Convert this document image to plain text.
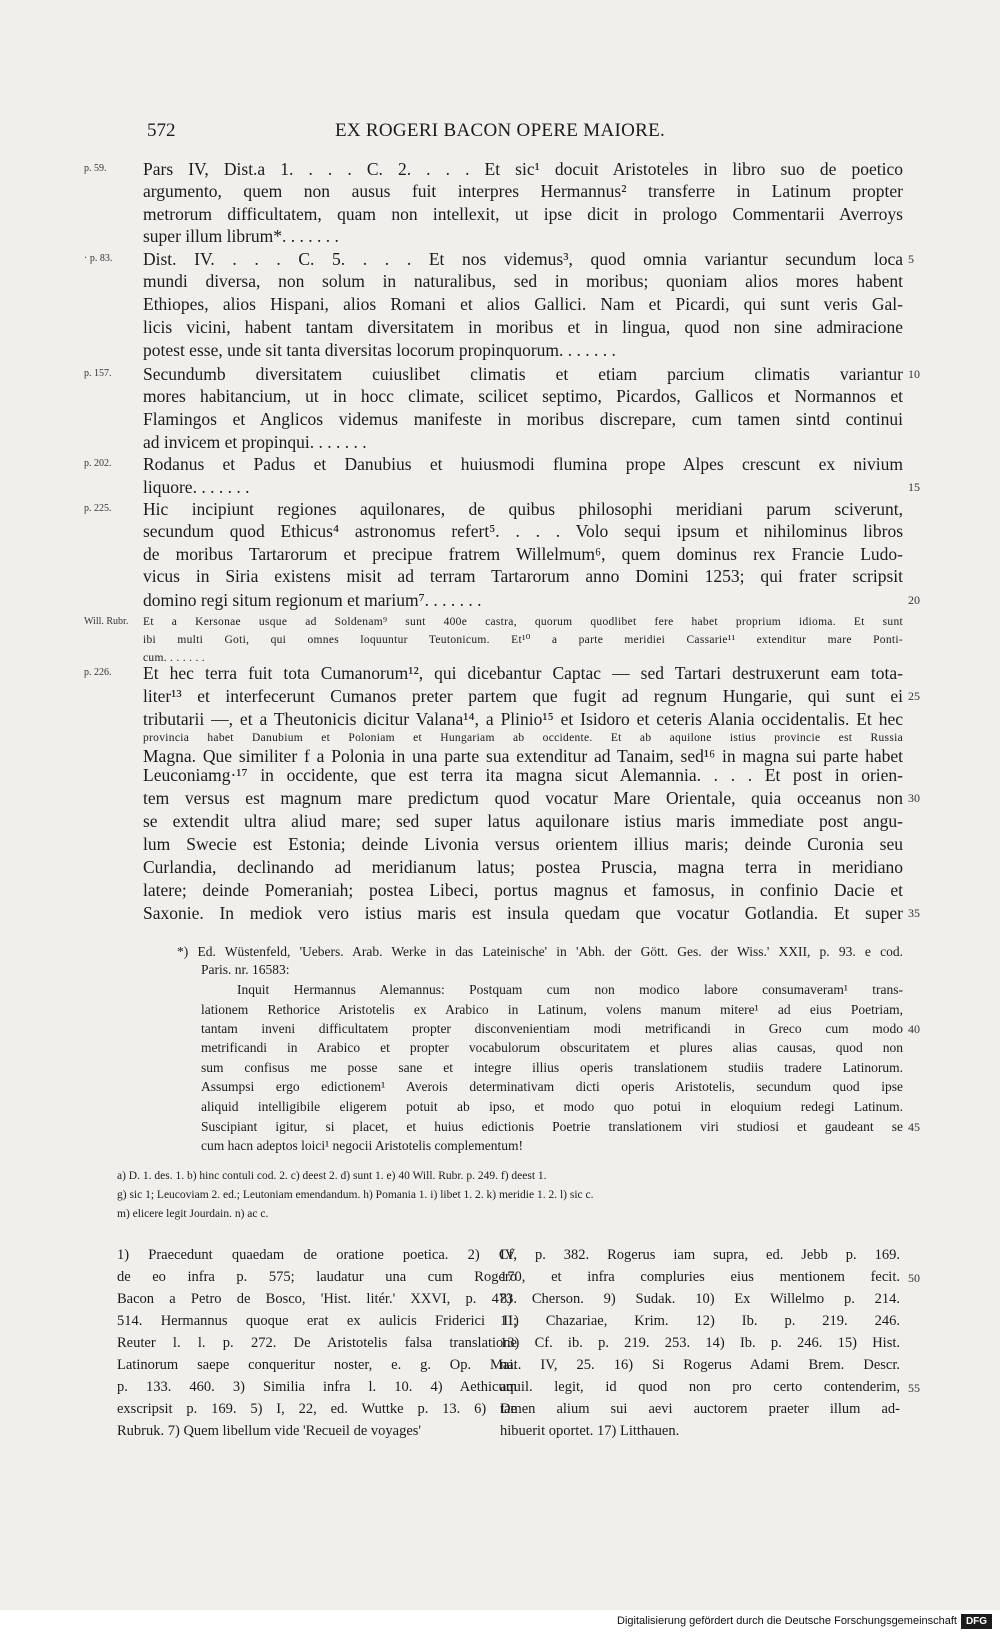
572	EX ROGERI BACON OPERE MAIORE.
p. 59.	Pars IV, Dist.a 1. . . . C. 2. . . . Et sic¹ docuit Aristoteles in libro suo de poetico
argumento, quem non ausus fuit interpres Hermannus² transferre in Latinum propter
metrorum difficultatem, quam non intellexit, ut ipse dicit in prologo Commentarii Averroys
super illum librum*. . . . . . .
· p. 83.	Dist. IV. . . . C. 5. . . . Et nos videmus³, quod omnia variantur secundum loca 5
mundi diversa, non solum in naturalibus, sed in moribus; quoniam alios mores habent
Ethiopes, alios Hispani, alios Romani et alios Gallici. Nam et Picardi, qui sunt veris Gal-
licis vicini, habent tantam diversitatem in moribus et in lingua, quod non sine admiracione
potest esse, unde sit tanta diversitas locorum propinquorum. . . . . . .
p. 157.	Secundumb diversitatem cuiuslibet climatis et etiam parcium climatis variantur 10
mores habitancium, ut in hocc climate, scilicet septimo, Picardos, Gallicos et Normannos et
Flamingos et Anglicos videmus manifeste in moribus discrepare, cum tamen sintd continui
ad invicem et propinqui. . . . . . .
p. 202.	Rodanus et Padus et Danubius et huiusmodi flumina prope Alpes crescunt ex nivium
liquore. . . . . . .	15
p. 225.	Hic incipiunt regiones aquilonares, de quibus philosophi meridiani parum sciverunt,
secundum quod Ethicus⁴ astronomus refert⁵. . . . Volo sequi ipsum et nihilominus libros
de moribus Tartarorum et precipue fratrem Willelmum⁶, quem dominus rex Francie Ludo-
vicus in Siria existens misit ad terram Tartarorum anno Domini 1253; qui frater scripsit
domino regi situm regionum et marium⁷. . . . . . .	20
Will. Rubr.	Et a Kersonae usque ad Soldenam⁹ sunt 400e castra, quorum quodlibet fere habet proprium idioma. Et sunt
ibi multi Goti, qui omnes loquuntur Teutonicum. Et¹⁰ a parte meridiei Cassarie¹¹ extenditur mare Ponti-
cum. . . . . . .
p. 226.	Et hec terra fuit tota Cumanorum¹², qui dicebantur Captac — sed Tartari destruxerunt eam tota-
liter¹³ et interfecerunt Cumanos preter partem que fugit ad regnum Hungarie, qui sunt ei 25
tributarii —, et a Theutonicis dicitur Valana¹⁴, a Plinio¹⁵ et Isidoro et ceteris Alania occidentalis. Et hec
provincia habet Danubium et Poloniam et Hungariam ab occidente. Et ab aquilone istius provincie est Russia
Magna. Que similiter f a Polonia in una parte sua extenditur ad Tanaim, sed¹⁶ in magna sui parte habet
Leuconiamg·¹⁷ in occidente, que est terra ita magna sicut Alemannia. . . . Et post in orien-
tem versus est magnum mare predictum quod vocatur Mare Orientale, quia occeanus non 30
se extendit ultra aliud mare; sed super latus aquilonare istius maris immediate post angu-
lum Swecie est Estonia; deinde Livonia versus orientem illius maris; deinde Curonia seu
Curlandia, declinando ad meridianum latus; postea Pruscia, magna terra in meridiano
latere; deinde Pomeraniah; postea Libeci, portus magnus et famosus, in confinio Dacie et
Saxonie. In mediok vero istius maris est insula quedam que vocatur Gotlandia. Et super 35
*) Ed. Wüstenfeld, 'Uebers. Arab. Werke in das Lateinische' in 'Abh. der Gött. Ges. der Wiss.' XXII, p. 93. e cod.
Paris. nr. 16583:
Inquit Hermannus Alemannus: Postquam cum non modico labore consumaveram¹ trans-
lationem Rethorice Aristotelis ex Arabico in Latinum, volens manum mitere¹ ad eius Poetriam,
tantam inveni difficultatem propter disconvenientiam modi metrificandi in Greco cum modo 40
metrificandi in Arabico et propter vocabulorum obscuritatem et plures alias causas, quod non
sum confisus me posse sane et integre illius operis translationem studiis tradere Latinorum.
Assumpsi ergo edictionem¹ Averois determinativam dicti operis Aristotelis, secundum quod ipse
aliquid intelligibile eligerem potuit ab ipso, et modo quo potui in eloquium redegi Latinum.
Suscipiant igitur, si placet, et huius edictionis Poetrie translationem viri studiosi et gaudeant se 45
cum hacn adeptos loici¹ negocii Aristotelis complementum!
a) D. 1. des. 1. b) hinc contuli cod. 2. c) deest 2. d) sunt 1. e) 40 Will. Rubr. p. 249. f) deest 1.
g) sic 1; Leucoviam 2. ed.; Leutoniam emendandum. h) Pomania 1. i) libet 1. 2. k) meridie 1. 2. l) sic c.
m) elicere legit Jourdain. n) ac c.
1) Praecedunt quaedam de oratione poetica. 2) Cf.
de eo infra p. 575; laudatur una cum Rogero
Bacon a Petro de Bosco, 'Hist. litér.' XXVI, p. 473.
514. Hermannus quoque erat ex aulicis Friderici II;
Reuter l. l. p. 272. De Aristotelis falsa translatione
Latinorum saepe conqueritur noster, e. g. Op. Mai.
p. 133. 460. 3) Similia infra l. 10. 4) Aethicum
exscripsit p. 169. 5) I, 22, ed. Wuttke p. 13. 6) De
Rubruk. 7) Quem libellum vide 'Recueil de voyages'
IV, p. 382. Rogerus iam supra, ed. Jebb p. 169.
170, et infra compluries eius mentionem fecit.
8) Cherson. 9) Sudak. 10) Ex Willelmo p. 214.
11) Chazariae, Krim. 12) Ib. p. 219. 246.
13) Cf. ib. p. 219. 253. 14) Ib. p. 246. 15) Hist.
nat. IV, 25. 16) Si Rogerus Adami Brem. Descr.
aquil. legit, id quod non pro certo contenderim,
tamen alium sui aevi auctorem praeter illum ad-
hibuerit oportet. 17) Litthauen.
50
55
Digitalisierung gefördert durch die Deutsche Forschungsgemeinschaft DFG
